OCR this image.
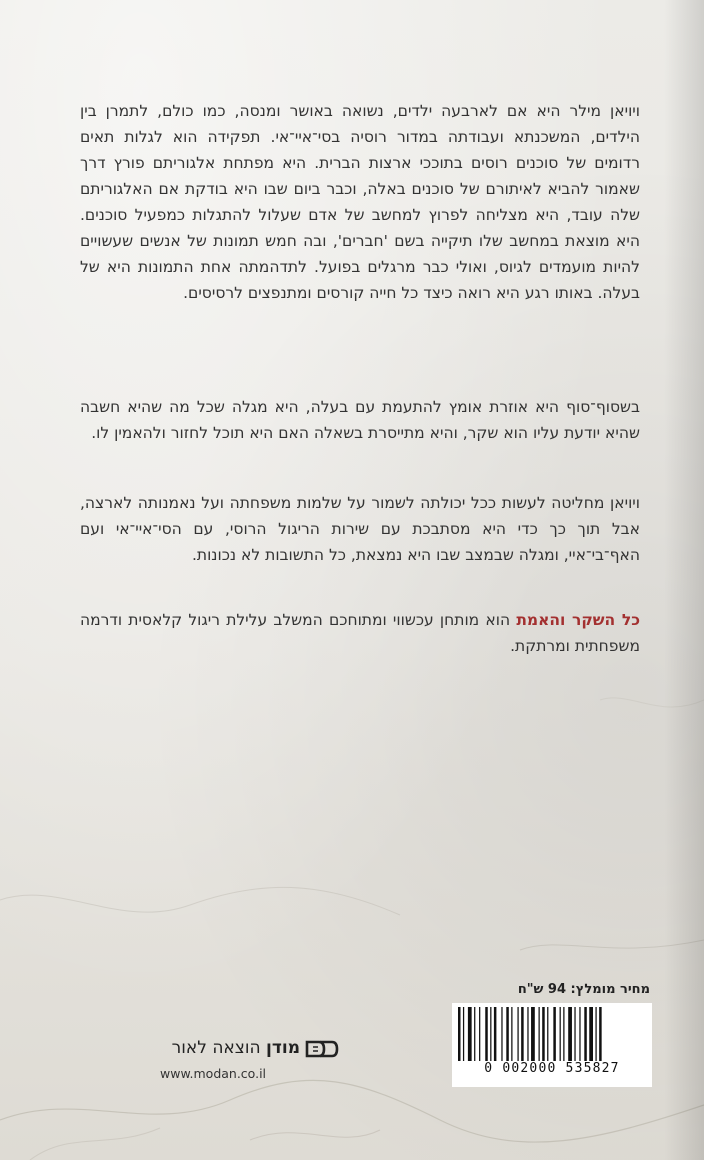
ויויאן מילר היא אם לארבעה ילדים, נשואה באושר ומנסה, כמו כולם, לתמרן בין הילדים, המשכנתא ועבודתה במדור רוסיה בסי־איי־אי. תפקידה הוא לגלות תאים רדומים של סוכנים רוסים בתוככי ארצות הברית. היא מפתחת אלגוריתם פורץ דרך שאמור להביא לאיתורם של סוכנים באלה, וכבר ביום שבו היא בודקת אם האלגוריתם שלה עובד, היא מצליחה לפרוץ למחשב של אדם שעלול להתגלות כמפעיל סוכנים. היא מוצאת במחשב שלו תיקייה בשם 'חברים', ובה חמש תמונות של אנשים שעשויים להיות מועמדים לגיוס, ואולי כבר מרגלים בפועל. לתדהמתה אחת התמונות היא של בעלה. באותו רגע היא רואה כיצד כל חייה קורסים ומתנפצים לרסיסים.

בשסוף־סוף היא אוזרת אומץ להתעמת עם בעלה, היא מגלה שכל מה שהיא חשבה שהיא יודעת עליו הוא שקר, והיא מתייסרת בשאלה האם היא תוכל לחזור ולהאמין לו.

ויויאן מחליטה לעשות ככל יכולתה לשמור על שלמות משפחתה ועל נאמנותה לארצה, אבל תוך כך כדי היא מסתבכת עם שירות הריגול הרוסי, עם הסי־איי־אי ועם האף־בי־איי, ומגלה שבמצב שבו היא נמצאת, כל התשובות לא נכונות.

כל השקר והאמת הוא מותחן עכשווי ומתוחכם המשלב עלילת ריגול קלאסית ודרמה משפחתית ומרתקת.

מחיר מומלץ: 94 ש"ח
0 002000 535827
מודן הוצאה לאור
www.modan.co.il
